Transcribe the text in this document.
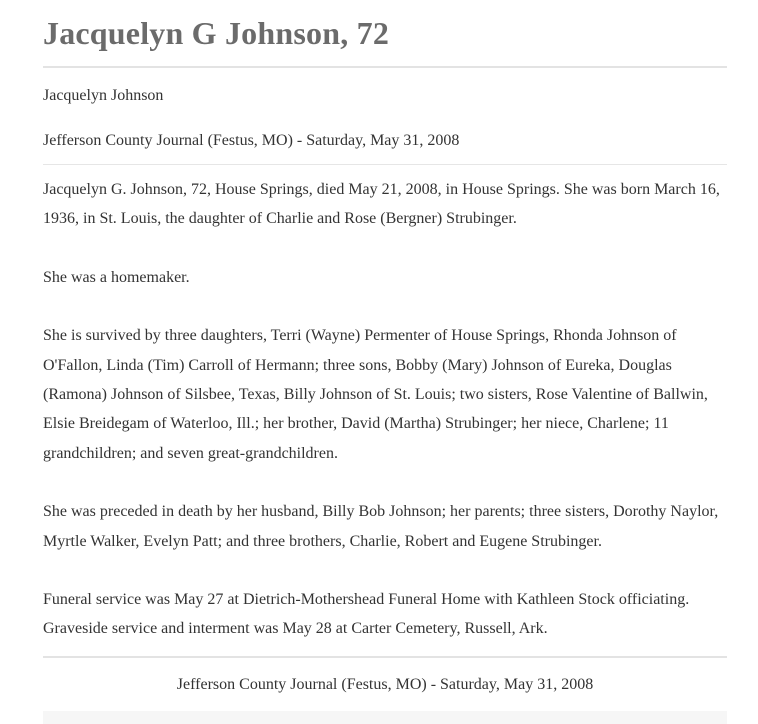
Jacquelyn G Johnson, 72
Jacquelyn Johnson
Jefferson County Journal (Festus, MO) - Saturday, May 31, 2008

Jacquelyn G. Johnson, 72, House Springs, died May 21, 2008, in House Springs. She was born March 16, 1936, in St. Louis, the daughter of Charlie and Rose (Bergner) Strubinger.

She was a homemaker.

She is survived by three daughters, Terri (Wayne) Permenter of House Springs, Rhonda Johnson of O'Fallon, Linda (Tim) Carroll of Hermann; three sons, Bobby (Mary) Johnson of Eureka, Douglas (Ramona) Johnson of Silsbee, Texas, Billy Johnson of St. Louis; two sisters, Rose Valentine of Ballwin, Elsie Breidegam of Waterloo, Ill.; her brother, David (Martha) Strubinger; her niece, Charlene; 11 grandchildren; and seven great-grandchildren.

She was preceded in death by her husband, Billy Bob Johnson; her parents; three sisters, Dorothy Naylor, Myrtle Walker, Evelyn Patt; and three brothers, Charlie, Robert and Eugene Strubinger.

Funeral service was May 27 at Dietrich-Mothershead Funeral Home with Kathleen Stock officiating. Graveside service and interment was May 28 at Carter Cemetery, Russell, Ark.

Jefferson County Journal (Festus, MO) - Saturday, May 31, 2008
